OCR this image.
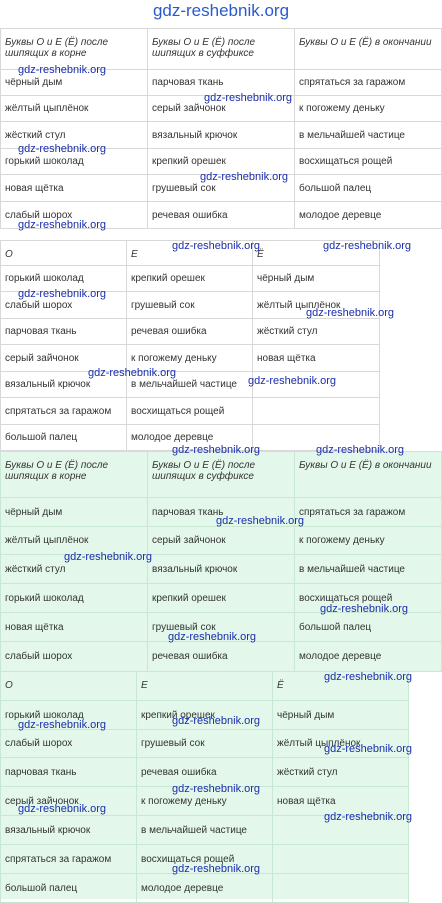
gdz-reshebnik.org
Буквы О и Е (Ё) после шипящих в корне	Буквы О и Е (Ё) после шипящих в суффиксе	Буквы О и Е (Ё) в окончании
чёрный дым	парчовая ткань	спрятаться за гаражом
жёлтый цыплёнок	серый зайчонок	к погожему деньку
жёсткий стул	вязальный крючок	в мельчайшей частице
горький шоколад	крепкий орешек	восхищаться рощей
новая щётка	грушевый сок	большой палец
слабый шорох	речевая ошибка	молодое деревце
О	Е	Ё
горький шоколад	крепкий орешек	чёрный дым
слабый шорох	грушевый сок	жёлтый цыплёнок
парчовая ткань	речевая ошибка	жёсткий стул
серый зайчонок	к погожему деньку	новая щётка
вязальный крючок	в мельчайшей частице	
спрятаться за гаражом	восхищаться рощей	
большой палец	молодое деревце	
Буквы О и Е (Ё) после шипящих в корне	Буквы О и Е (Ё) после шипящих в суффиксе	Буквы О и Е (Ё) в окончании
чёрный дым	парчовая ткань	спрятаться за гаражом
жёлтый цыплёнок	серый зайчонок	к погожему деньку
жёсткий стул	вязальный крючок	в мельчайшей частице
горький шоколад	крепкий орешек	восхищаться рощей
новая щётка	грушевый сок	большой палец
слабый шорох	речевая ошибка	молодое деревце
О	Е	Ё
горький шоколад	крепкий орешек	чёрный дым
слабый шорох	грушевый сок	жёлтый цыплёнок
парчовая ткань	речевая ошибка	жёсткий стул
серый зайчонок	к погожему деньку	новая щётка
вязальный крючок	в мельчайшей частице	
спрятаться за гаражом	восхищаться рощей	
большой палец	молодое деревце	
gdz-reshebnik.org
gdz-reshebnik.org
gdz-reshebnik.org
gdz-reshebnik.org
gdz-reshebnik.org
gdz-reshebnik.org	gdz-reshebnik.org
gdz-reshebnik.org
gdz-reshebnik.org
gdz-reshebnik.org
gdz-reshebnik.org
gdz-reshebnik.org	gdz-reshebnik.org
gdz-reshebnik.org
gdz-reshebnik.org
gdz-reshebnik.org
gdz-reshebnik.org
gdz-reshebnik.org
gdz-reshebnik.org	gdz-reshebnik.org
gdz-reshebnik.org
gdz-reshebnik.org
gdz-reshebnik.org
gdz-reshebnik.org
gdz-reshebnik.org
